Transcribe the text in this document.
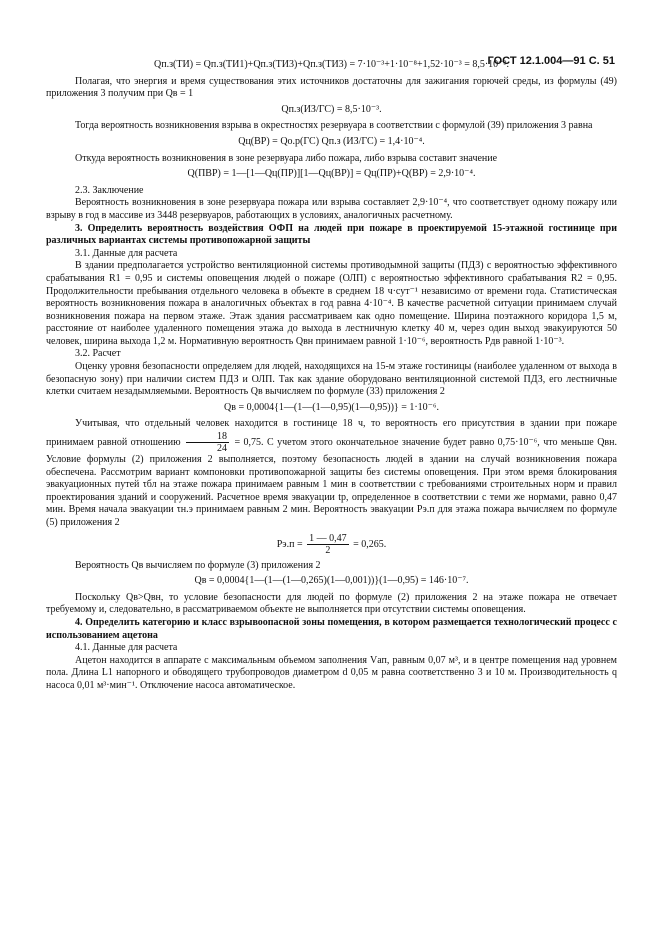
ГОСТ 12.1.004—91 С. 51

Qп.з(ТИ) = Qп.з(ТИ1)+Qп.з(ТИ3)+Qп.з(ТИ3) = 7·10⁻³+1·10⁻⁸+1,52·10⁻³ = 8,5·10⁻³.

Полагая, что энергия и время существования этих источников достаточны для зажигания горючей среды, из формулы (49) приложения 3 получим при Qв = 1

Qп.з(ИЗ/ГС) = 8,5·10⁻³.

Тогда вероятность возникновения взрыва в окрестностях резервуара в соответствии с формулой (39) приложения 3 равна

Qц(ВР) = Qо.р(ГС) Qп.з (ИЗ/ГС) = 1,4·10⁻⁴.

Откуда вероятность возникновения в зоне резервуара либо пожара, либо взрыва составит значение

Q(ПВР) = 1—[1—Qц(ПР)][1—Qц(ВР)] = Qц(ПР)+Q(ВР) = 2,9·10⁻⁴.

2.3. Заключение

Вероятность возникновения в зоне резервуара пожара или взрыва составляет 2,9·10⁻⁴, что соответствует одному пожару или взрыву в год в массиве из 3448 резервуаров, работающих в условиях, аналогичных расчетному.

3. Определить вероятность воздействия ОФП на людей при пожаре в проектируемой 15-этажной гостинице при различных вариантах системы противопожарной защиты

3.1. Данные для расчета

В здании предполагается устройство вентиляционной системы противодымной защиты (ПДЗ) с вероятностью эффективного срабатывания R1 = 0,95 и системы оповещения людей о пожаре (ОЛП) с вероятностью эффективного срабатывания R2 = 0,95. Продолжительности пребывания отдельного человека в объекте в среднем 18 ч·сут⁻¹ независимо от времени года. Статистическая вероятность возникновения пожара в аналогичных объектах в год равна 4·10⁻⁴. В качестве расчетной ситуации принимаем случай возникновения пожара на первом этаже. Этаж здания рассматриваем как одно помещение. Ширина поэтажного коридора 1,5 м, расстояние от наиболее удаленного помещения этажа до выхода в лестничную клетку 40 м, через один выход эвакуируются 50 человек, ширина выхода 1,2 м. Нормативную вероятность Qвн принимаем равной 1·10⁻⁶, вероятность Pдв равной 1·10⁻³.

3.2. Расчет

Оценку уровня безопасности определяем для людей, находящихся на 15-м этаже гостиницы (наиболее удаленном от выхода в безопасную зону) при наличии систем ПДЗ и ОЛП. Так как здание оборудовано вентиляционной системой ПДЗ, его лестничные клетки считаем незадымляемыми. Вероятность Qв вычисляем по формуле (33) приложения 2

Qв = 0,0004{1—(1—(1—0,95)(1—0,95))} = 1·10⁻⁶.

Учитывая, что отдельный человек находится в гостинице 18 ч, то вероятность его присутствия в здании при пожаре принимаем равной отношению $\frac{18}{24} = 0,75$. С учетом этого окончательное значение будет равно 0,75·10⁻⁶, что меньше Qвн. Условие формулы (2) приложения 2 выполняется, поэтому безопасность людей в здании на случай возникновения пожара обеспечена. Рассмотрим вариант компоновки противопожарной защиты без системы оповещения. При этом время блокирования эвакуационных путей τбл на этаже пожара принимаем равным 1 мин в соответствии с требованиями строительных норм и правил проектирования зданий и сооружений. Расчетное время эвакуации tр, определенное в соответствии с теми же нормами, равно 0,47 мин. Время начала эвакуации τн.э принимаем равным 2 мин. Вероятность эвакуации Pэ.п для этажа пожара вычисляем по формуле (5) приложения 2

$Pэ.п = \frac{1 — 0,47}{2} = 0,265$.

Вероятность Qв вычисляем по формуле (3) приложения 2

Qв = 0,0004{1—(1—(1—0,265)(1—0,001))}(1—0,95) = 146·10⁻⁷.

Поскольку Qв>Qвн, то условие безопасности для людей по формуле (2) приложения 2 на этаже пожара не отвечает требуемому и, следовательно, в рассматриваемом объекте не выполняется при отсутствии системы оповещения.

4. Определить категорию и класс взрывоопасной зоны помещения, в котором размещается технологический процесс с использованием ацетона

4.1. Данные для расчета

Ацетон находится в аппарате с максимальным объемом заполнения Vап, равным 0,07 м³, и в центре помещения над уровнем пола. Длина L1 напорного и обводящего трубопроводов диаметром d 0,05 м равна соответственно 3 и 10 м. Производительность q насоса 0,01 м³·мин⁻¹. Отключение насоса автоматическое.
